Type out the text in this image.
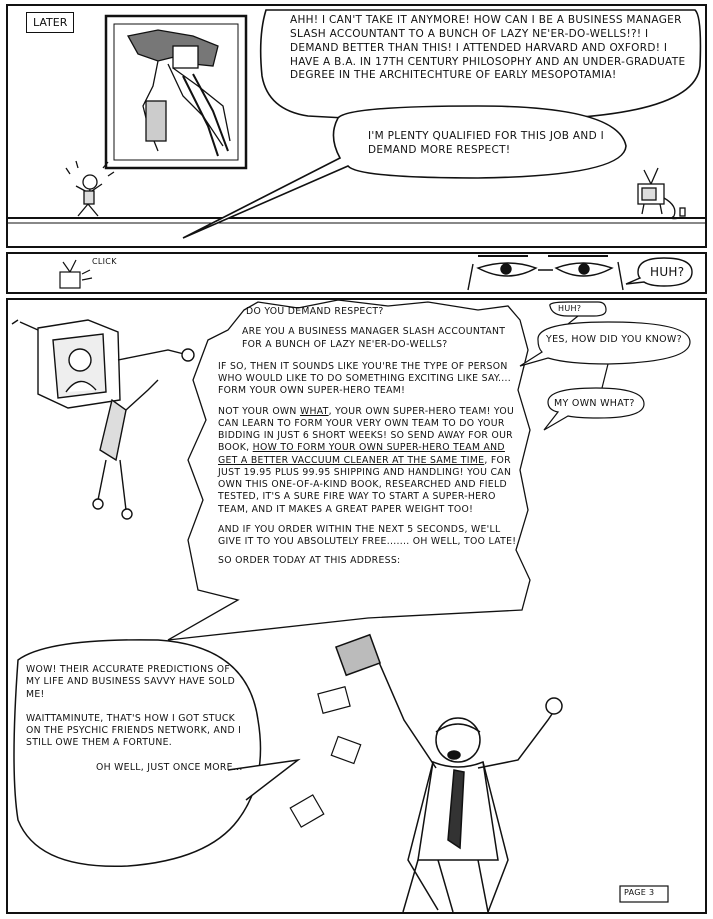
LATER	AHH! I CAN'T TAKE IT ANYMORE! HOW CAN I BE A BUSINESS MANAGER SLASH ACCOUNTANT TO A BUNCH OF LAZY NE'ER-DO-WELLS!?! I DEMAND BETTER THAN THIS! I ATTENDED HARVARD AND OXFORD! I HAVE A B.A. IN 17TH CENTURY PHILOSOPHY AND AN UNDER-GRADUATE DEGREE IN THE ARCHITECHTURE OF EARLY MESOPOTAMIA!

I'M PLENTY QUALIFIED FOR THIS JOB AND I DEMAND MORE RESPECT!

CLICK
HUH?
DO YOU DEMAND RESPECT?
ARE YOU A BUSINESS MANAGER SLASH ACCOUNTANT FOR A BUNCH OF LAZY NE'ER-DO-WELLS?
IF SO, THEN IT SOUNDS LIKE YOU'RE THE TYPE OF PERSON WHO WOULD LIKE TO DO SOMETHING EXCITING LIKE SAY.... FORM YOUR OWN SUPER-HERO TEAM!
NOT YOUR OWN WHAT, YOUR OWN SUPER-HERO TEAM! YOU CAN LEARN TO FORM YOUR VERY OWN TEAM TO DO YOUR BIDDING IN JUST 6 SHORT WEEKS! SO SEND AWAY FOR OUR BOOK, HOW TO FORM YOUR OWN SUPER-HERO TEAM AND GET A BETTER VACCUUM CLEANER AT THE SAME TIME, FOR JUST 19.95 PLUS 99.95 SHIPPING AND HANDLING! YOU CAN OWN THIS ONE-OF-A-KIND BOOK, RESEARCHED AND FIELD TESTED, IT'S A SURE FIRE WAY TO START A SUPER-HERO TEAM, AND IT MAKES A GREAT PAPER WEIGHT TOO!
AND IF YOU ORDER WITHIN THE NEXT 5 SECONDS, WE'LL GIVE IT TO YOU ABSOLUTELY FREE....... OH WELL, TOO LATE!
SO ORDER TODAY AT THIS ADDRESS:
HUH?
YES, HOW DID YOU KNOW?
MY OWN WHAT?
WOW! THEIR ACCURATE PREDICTIONS OF MY LIFE AND BUSINESS SAVVY HAVE SOLD ME!
WAITTAMINUTE, THAT'S HOW I GOT STUCK ON THE PSYCHIC FRIENDS NETWORK, AND I STILL OWE THEM A FORTUNE.
OH WELL, JUST ONCE MORE...
PAGE 3
